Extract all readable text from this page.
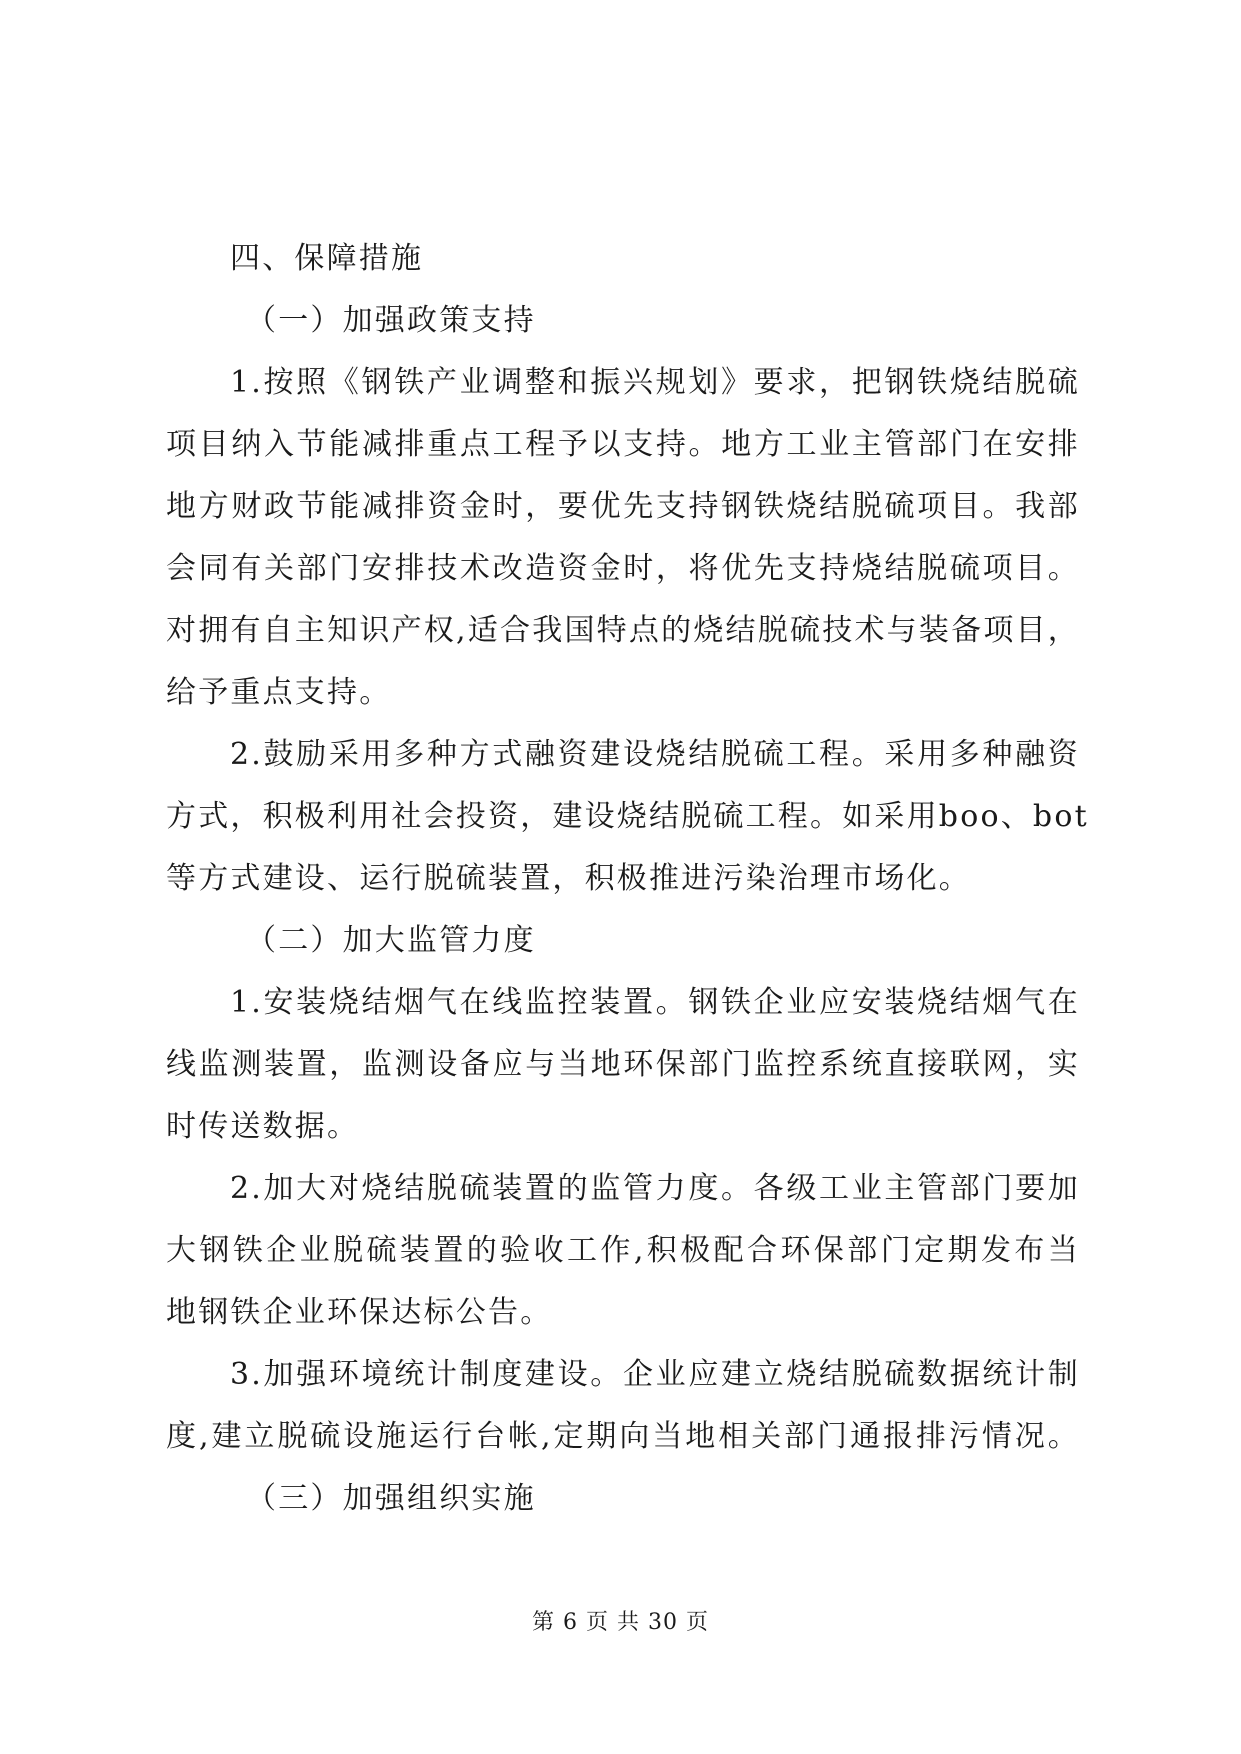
四、保障措施
（一）加强政策支持
1.按照《钢铁产业调整和振兴规划》要求，把钢铁烧结脱硫
项目纳入节能减排重点工程予以支持。地方工业主管部门在安排
地方财政节能减排资金时，要优先支持钢铁烧结脱硫项目。我部
会同有关部门安排技术改造资金时，将优先支持烧结脱硫项目。
对拥有自主知识产权,适合我国特点的烧结脱硫技术与装备项目，
给予重点支持。
2.鼓励采用多种方式融资建设烧结脱硫工程。采用多种融资
方式，积极利用社会投资，建设烧结脱硫工程。如采用boo、bot
等方式建设、运行脱硫装置，积极推进污染治理市场化。
（二）加大监管力度
1.安装烧结烟气在线监控装置。钢铁企业应安装烧结烟气在
线监测装置，监测设备应与当地环保部门监控系统直接联网，实
时传送数据。
2.加大对烧结脱硫装置的监管力度。各级工业主管部门要加
大钢铁企业脱硫装置的验收工作,积极配合环保部门定期发布当
地钢铁企业环保达标公告。
3.加强环境统计制度建设。企业应建立烧结脱硫数据统计制
度,建立脱硫设施运行台帐,定期向当地相关部门通报排污情况。
（三）加强组织实施
第 6 页 共 30 页
